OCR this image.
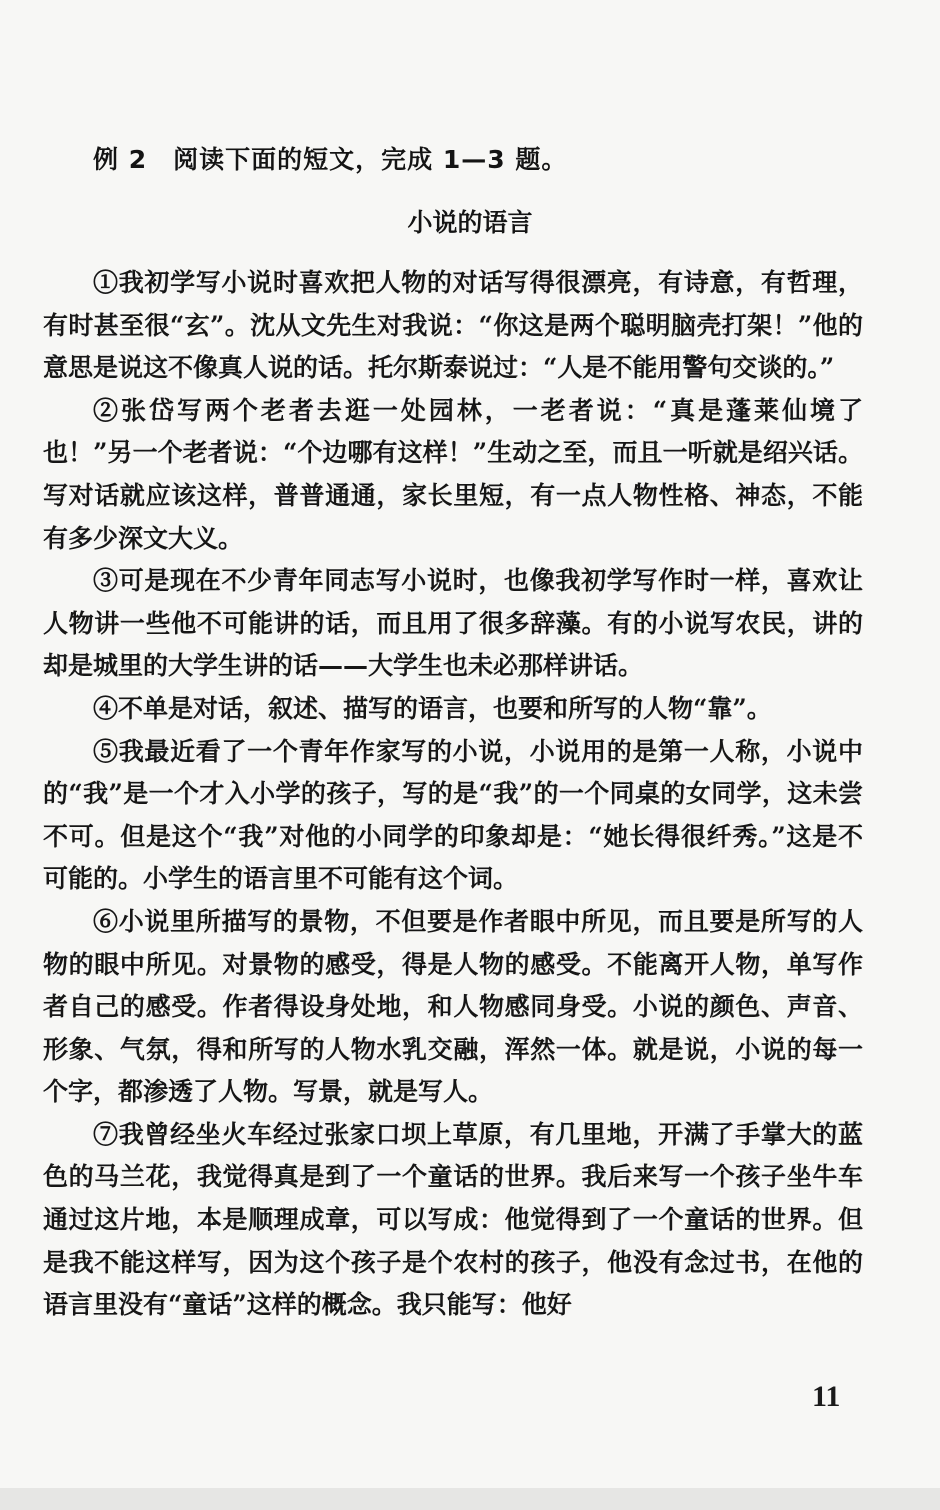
例 2　 阅读下面的短文，完成 1—3 题。
小说的语言

①我初学写小说时喜欢把人物的对话写得很漂亮，有诗意，有哲理，有时甚至很“玄”。沈从文先生对我说：“你这是两个聪明脑壳打架！”他的意思是说这不像真人说的话。托尔斯泰说过：“人是不能用警句交谈的。”

②张岱写两个老者去逛一处园林，一老者说：“真是蓬莱仙境了也！”另一个老者说：“个边哪有这样！”生动之至，而且一听就是绍兴话。写对话就应该这样，普普通通，家长里短，有一点人物性格、神态，不能有多少深文大义。

③可是现在不少青年同志写小说时，也像我初学写作时一样，喜欢让人物讲一些他不可能讲的话，而且用了很多辞藻。有的小说写农民，讲的却是城里的大学生讲的话——大学生也未必那样讲话。

④不单是对话，叙述、描写的语言，也要和所写的人物“靠”。

⑤我最近看了一个青年作家写的小说，小说用的是第一人称，小说中的“我”是一个才入小学的孩子，写的是“我”的一个同桌的女同学，这未尝不可。但是这个“我”对他的小同学的印象却是：“她长得很纤秀。”这是不可能的。小学生的语言里不可能有这个词。

⑥小说里所描写的景物，不但要是作者眼中所见，而且要是所写的人物的眼中所见。对景物的感受，得是人物的感受。不能离开人物，单写作者自己的感受。作者得设身处地，和人物感同身受。小说的颜色、声音、形象、气氛，得和所写的人物水乳交融，浑然一体。就是说，小说的每一个字，都渗透了人物。写景，就是写人。

⑦我曾经坐火车经过张家口坝上草原，有几里地，开满了手掌大的蓝色的马兰花，我觉得真是到了一个童话的世界。我后来写一个孩子坐牛车通过这片地，本是顺理成章，可以写成：他觉得到了一个童话的世界。但是我不能这样写，因为这个孩子是个农村的孩子，他没有念过书，在他的语言里没有“童话”这样的概念。我只能写：他好

11
